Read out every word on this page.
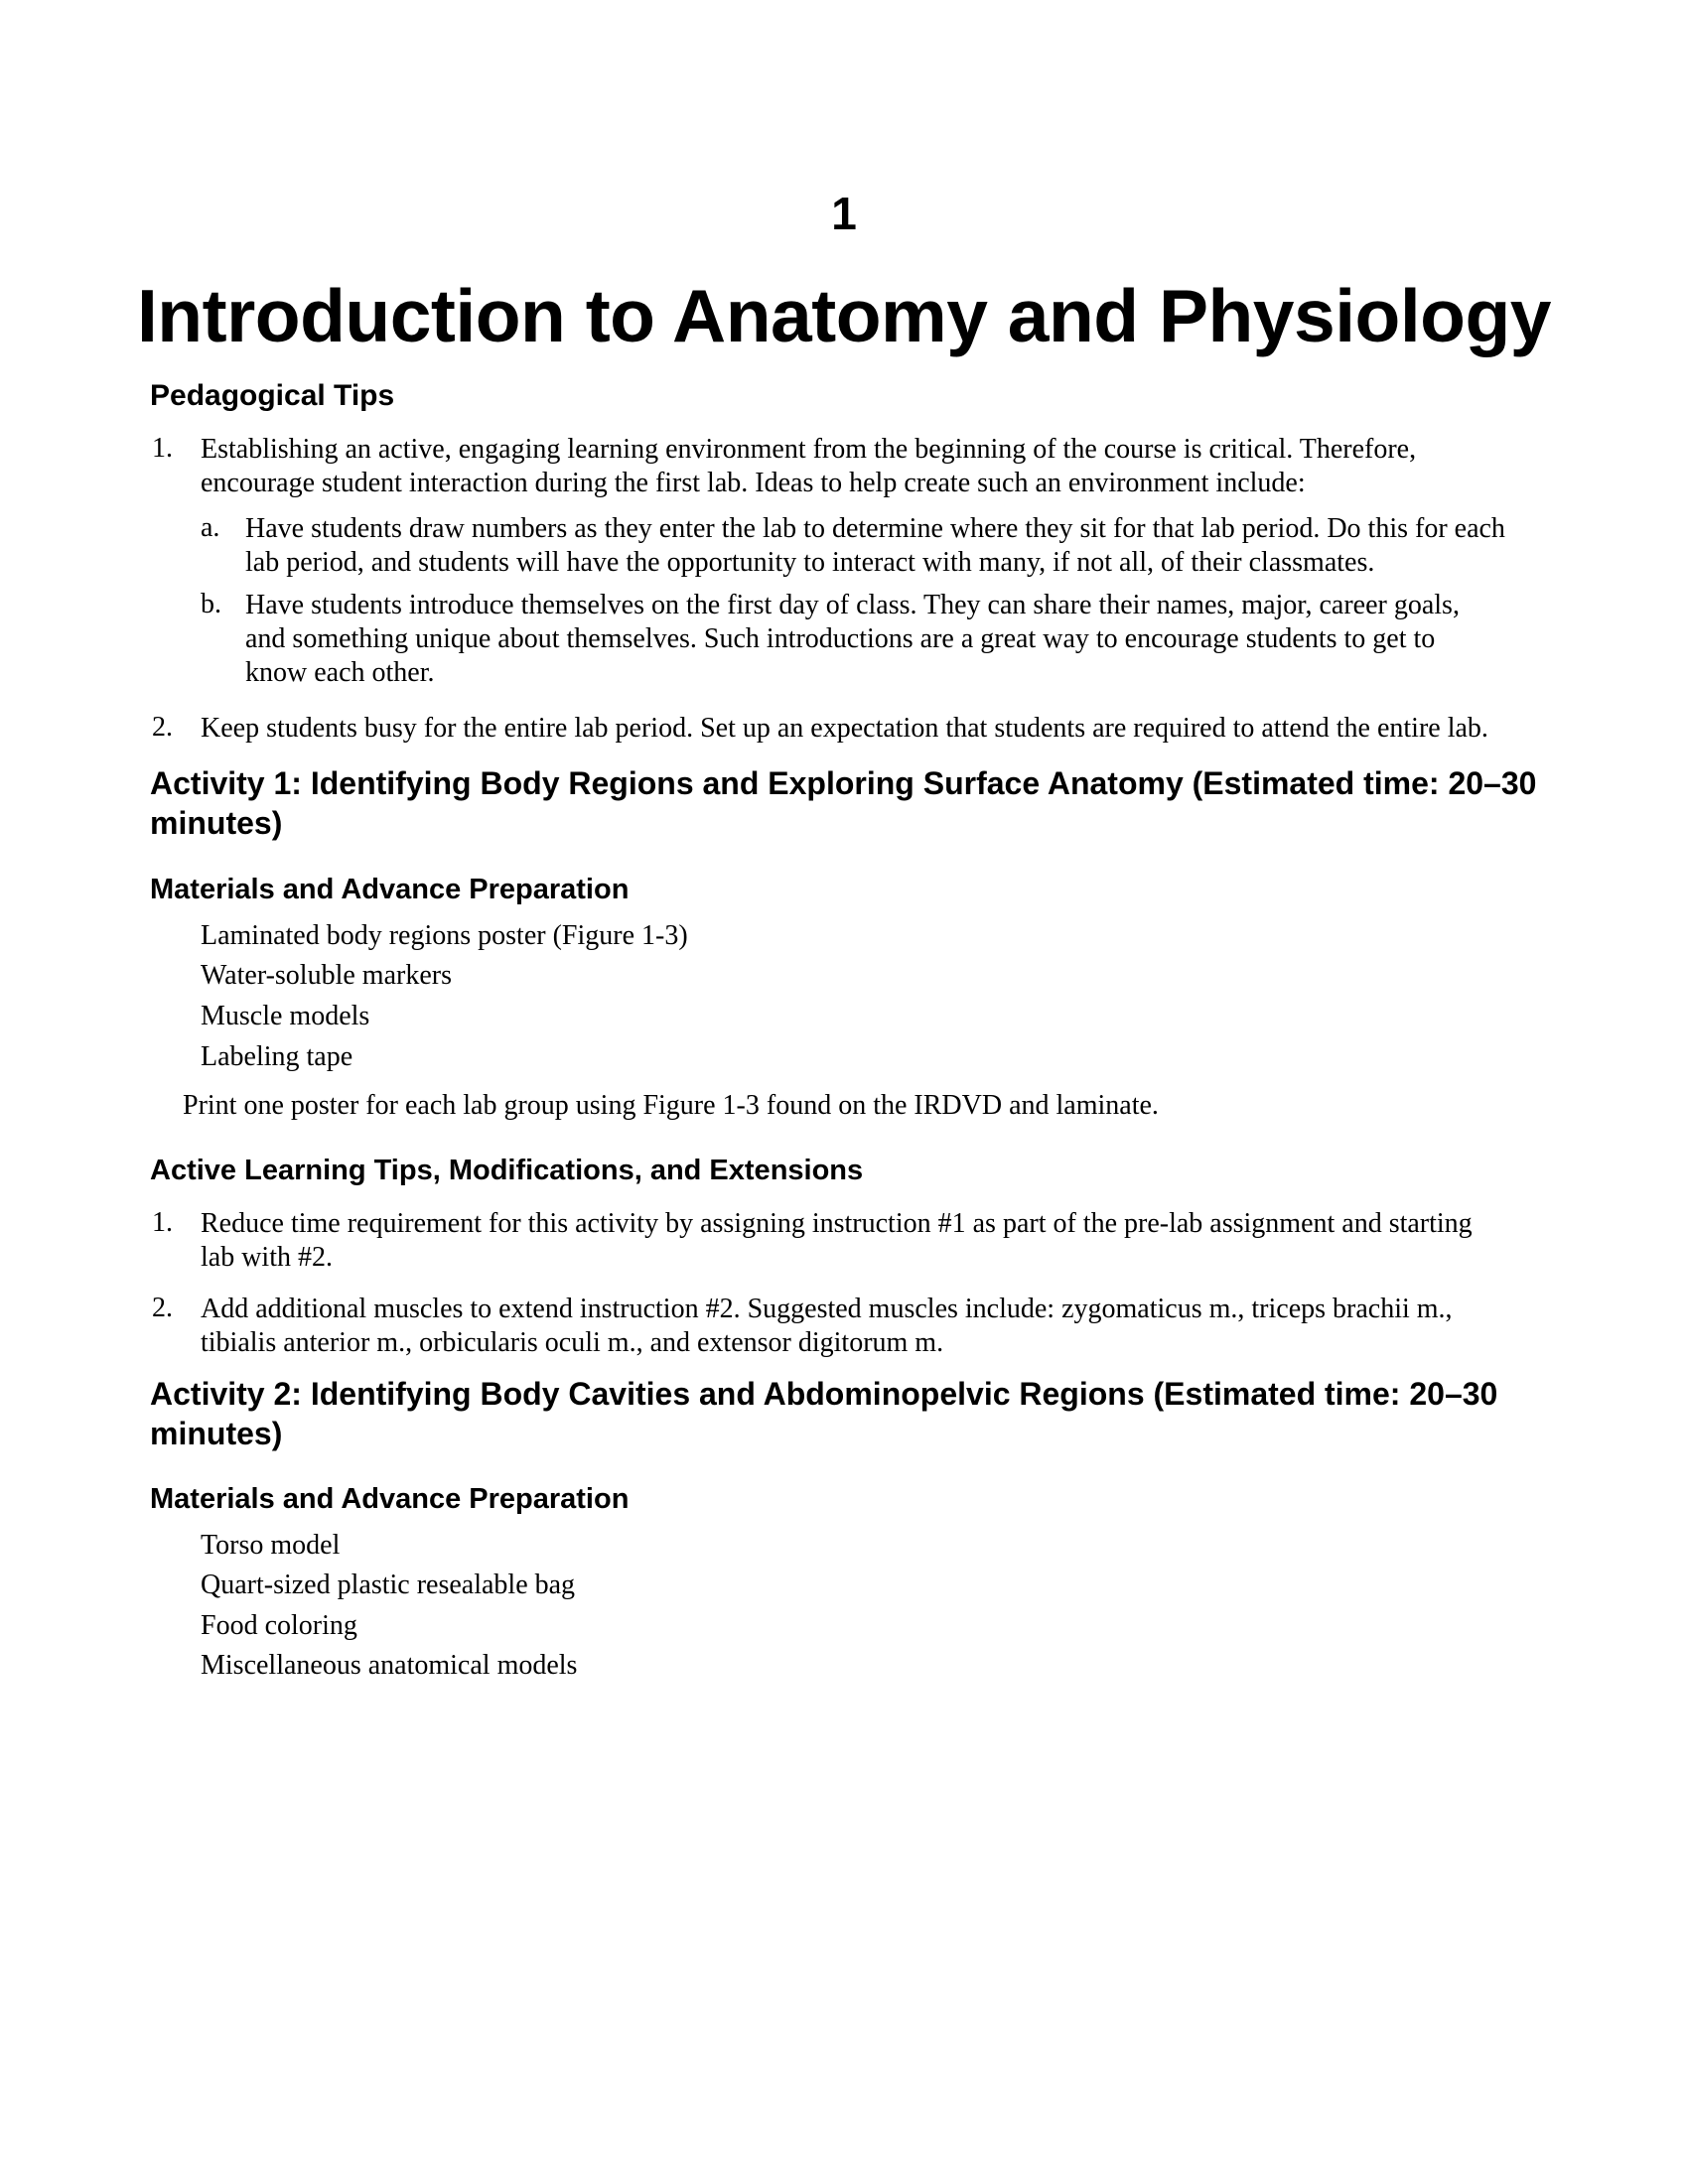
1
Introduction to Anatomy and Physiology
Pedagogical Tips
1. Establishing an active, engaging learning environment from the beginning of the course is critical. Therefore,
encourage student interaction during the first lab. Ideas to help create such an environment include:
a. Have students draw numbers as they enter the lab to determine where they sit for that lab period. Do this for each
lab period, and students will have the opportunity to interact with many, if not all, of their classmates.
b. Have students introduce themselves on the first day of class. They can share their names, major, career goals,
and something unique about themselves. Such introductions are a great way to encourage students to get to
know each other.
2. Keep students busy for the entire lab period. Set up an expectation that students are required to attend the entire lab.
Activity 1: Identifying Body Regions and Exploring Surface Anatomy (Estimated time: 20–30
minutes)
Materials and Advance Preparation
Laminated body regions poster (Figure 1-3)
Water-soluble markers
Muscle models
Labeling tape
Print one poster for each lab group using Figure 1-3 found on the IRDVD and laminate.
Active Learning Tips, Modifications, and Extensions
1. Reduce time requirement for this activity by assigning instruction #1 as part of the pre-lab assignment and starting
lab with #2.
2. Add additional muscles to extend instruction #2. Suggested muscles include: zygomaticus m., triceps brachii m.,
tibialis anterior m., orbicularis oculi m., and extensor digitorum m.
Activity 2: Identifying Body Cavities and Abdominopelvic Regions (Estimated time: 20–30
minutes)
Materials and Advance Preparation
Torso model
Quart-sized plastic resealable bag
Food coloring
Miscellaneous anatomical models
